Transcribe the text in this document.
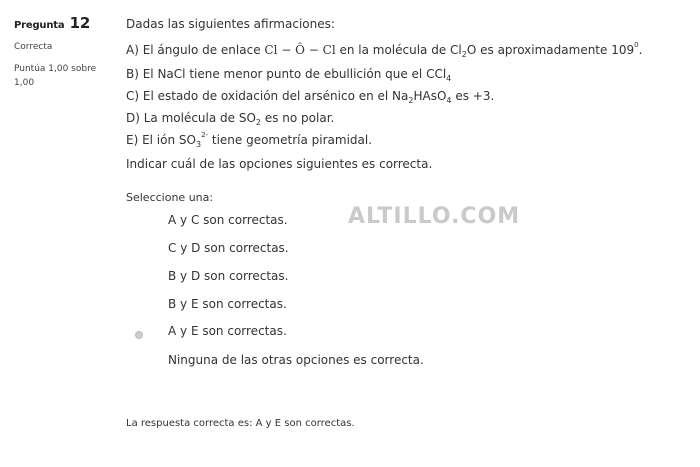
Pregunta 12
Correcta
Puntúa 1,00 sobre 1,00
Dadas las siguientes afirmaciones:
A) El ángulo de enlace Cl − Ô − Cl en la molécula de $Cl_2O$ es aproximadamente $109^0$.
B) El NaCl tiene menor punto de ebullición que el CCl$_4$
C) El estado de oxidación del arsénico en el $Na_2HAsO_4$ es +3.
D) La molécula de $SO_2$ es no polar.
E) El ión $SO_3^{2-}$ tiene geometría piramidal.
Indicar cuál de las opciones siguientes es correcta.
Seleccione una:
A y C son correctas.
C y D son correctas.
B y D son correctas.
B y E son correctas.
A y E son correctas.
Ninguna de las otras opciones es correcta.
ALTILLO.COM
La respuesta correcta es: A y E son correctas.
